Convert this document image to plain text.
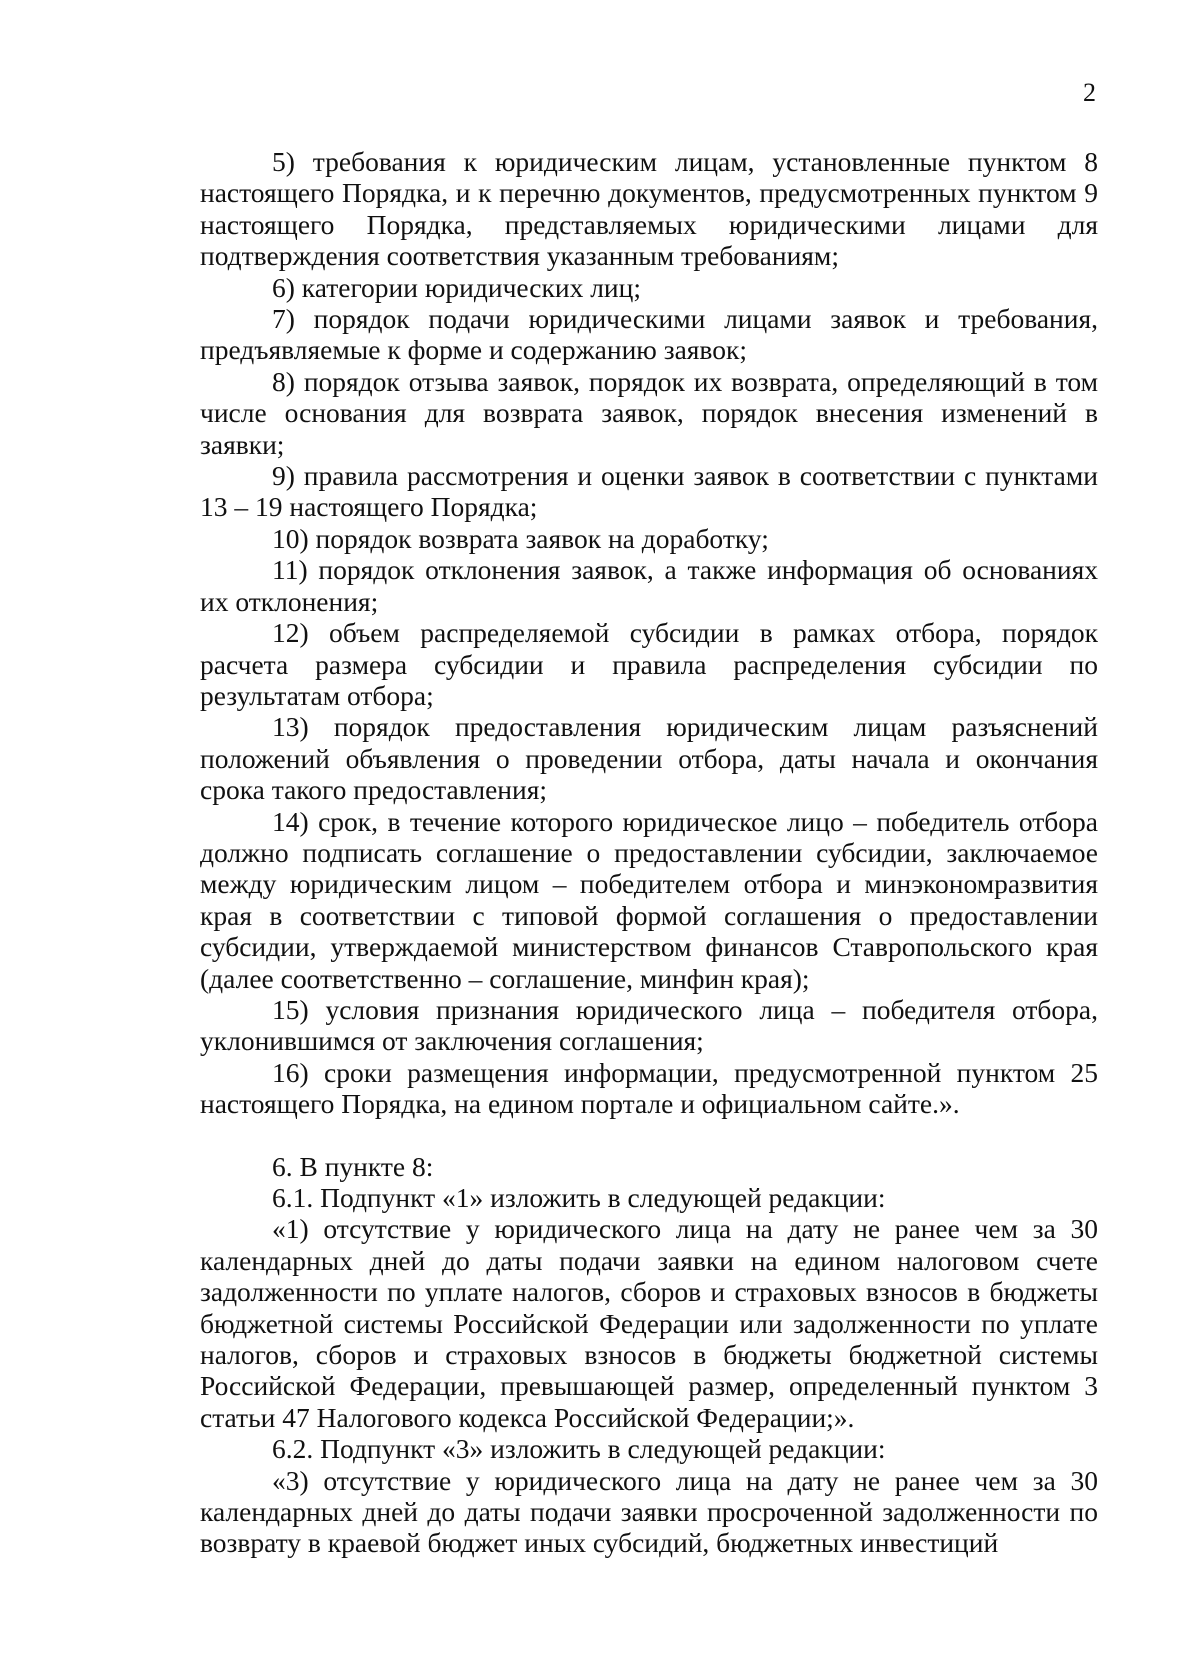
2

5) требования к юридическим лицам, установленные пунктом 8 настоящего Порядка, и к перечню документов, предусмотренных пунктом 9 настоящего Порядка, представляемых юридическими лицами для подтверждения соответствия указанным требованиям;

6) категории юридических лиц;

7) порядок подачи юридическими лицами заявок и требования, предъявляемые к форме и содержанию заявок;

8) порядок отзыва заявок, порядок их возврата, определяющий в том числе основания для возврата заявок, порядок внесения изменений в заявки;

9) правила рассмотрения и оценки заявок в соответствии с пунктами 13 – 19 настоящего Порядка;

10) порядок возврата заявок на доработку;

11) порядок отклонения заявок, а также информация об основаниях их отклонения;

12) объем распределяемой субсидии в рамках отбора, порядок расчета размера субсидии и правила распределения субсидии по результатам отбора;

13) порядок предоставления юридическим лицам разъяснений положений объявления о проведении отбора, даты начала и окончания срока такого предоставления;

14) срок, в течение которого юридическое лицо – победитель отбора должно подписать соглашение о предоставлении субсидии, заключаемое между юридическим лицом – победителем отбора и минэкономразвития края в соответствии с типовой формой соглашения о предоставлении субсидии, утверждаемой министерством финансов Ставропольского края (далее соответственно – соглашение, минфин края);

15) условия признания юридического лица – победителя отбора, уклонившимся от заключения соглашения;

16) сроки размещения информации, предусмотренной пунктом 25 настоящего Порядка, на едином портале и официальном сайте.».

6. В пункте 8:

6.1. Подпункт «1» изложить в следующей редакции:

«1) отсутствие у юридического лица на дату не ранее чем за 30 календарных дней до даты подачи заявки на едином налоговом счете задолженности по уплате налогов, сборов и страховых взносов в бюджеты бюджетной системы Российской Федерации или задолженности по уплате налогов, сборов и страховых взносов в бюджеты бюджетной системы Российской Федерации, превышающей размер, определенный пунктом 3 статьи 47 Налогового кодекса Российской Федерации;».

6.2. Подпункт «3» изложить в следующей редакции:

«3) отсутствие у юридического лица на дату не ранее чем за 30 календарных дней до даты подачи заявки просроченной задолженности по возврату в краевой бюджет иных субсидий, бюджетных инвестиций
